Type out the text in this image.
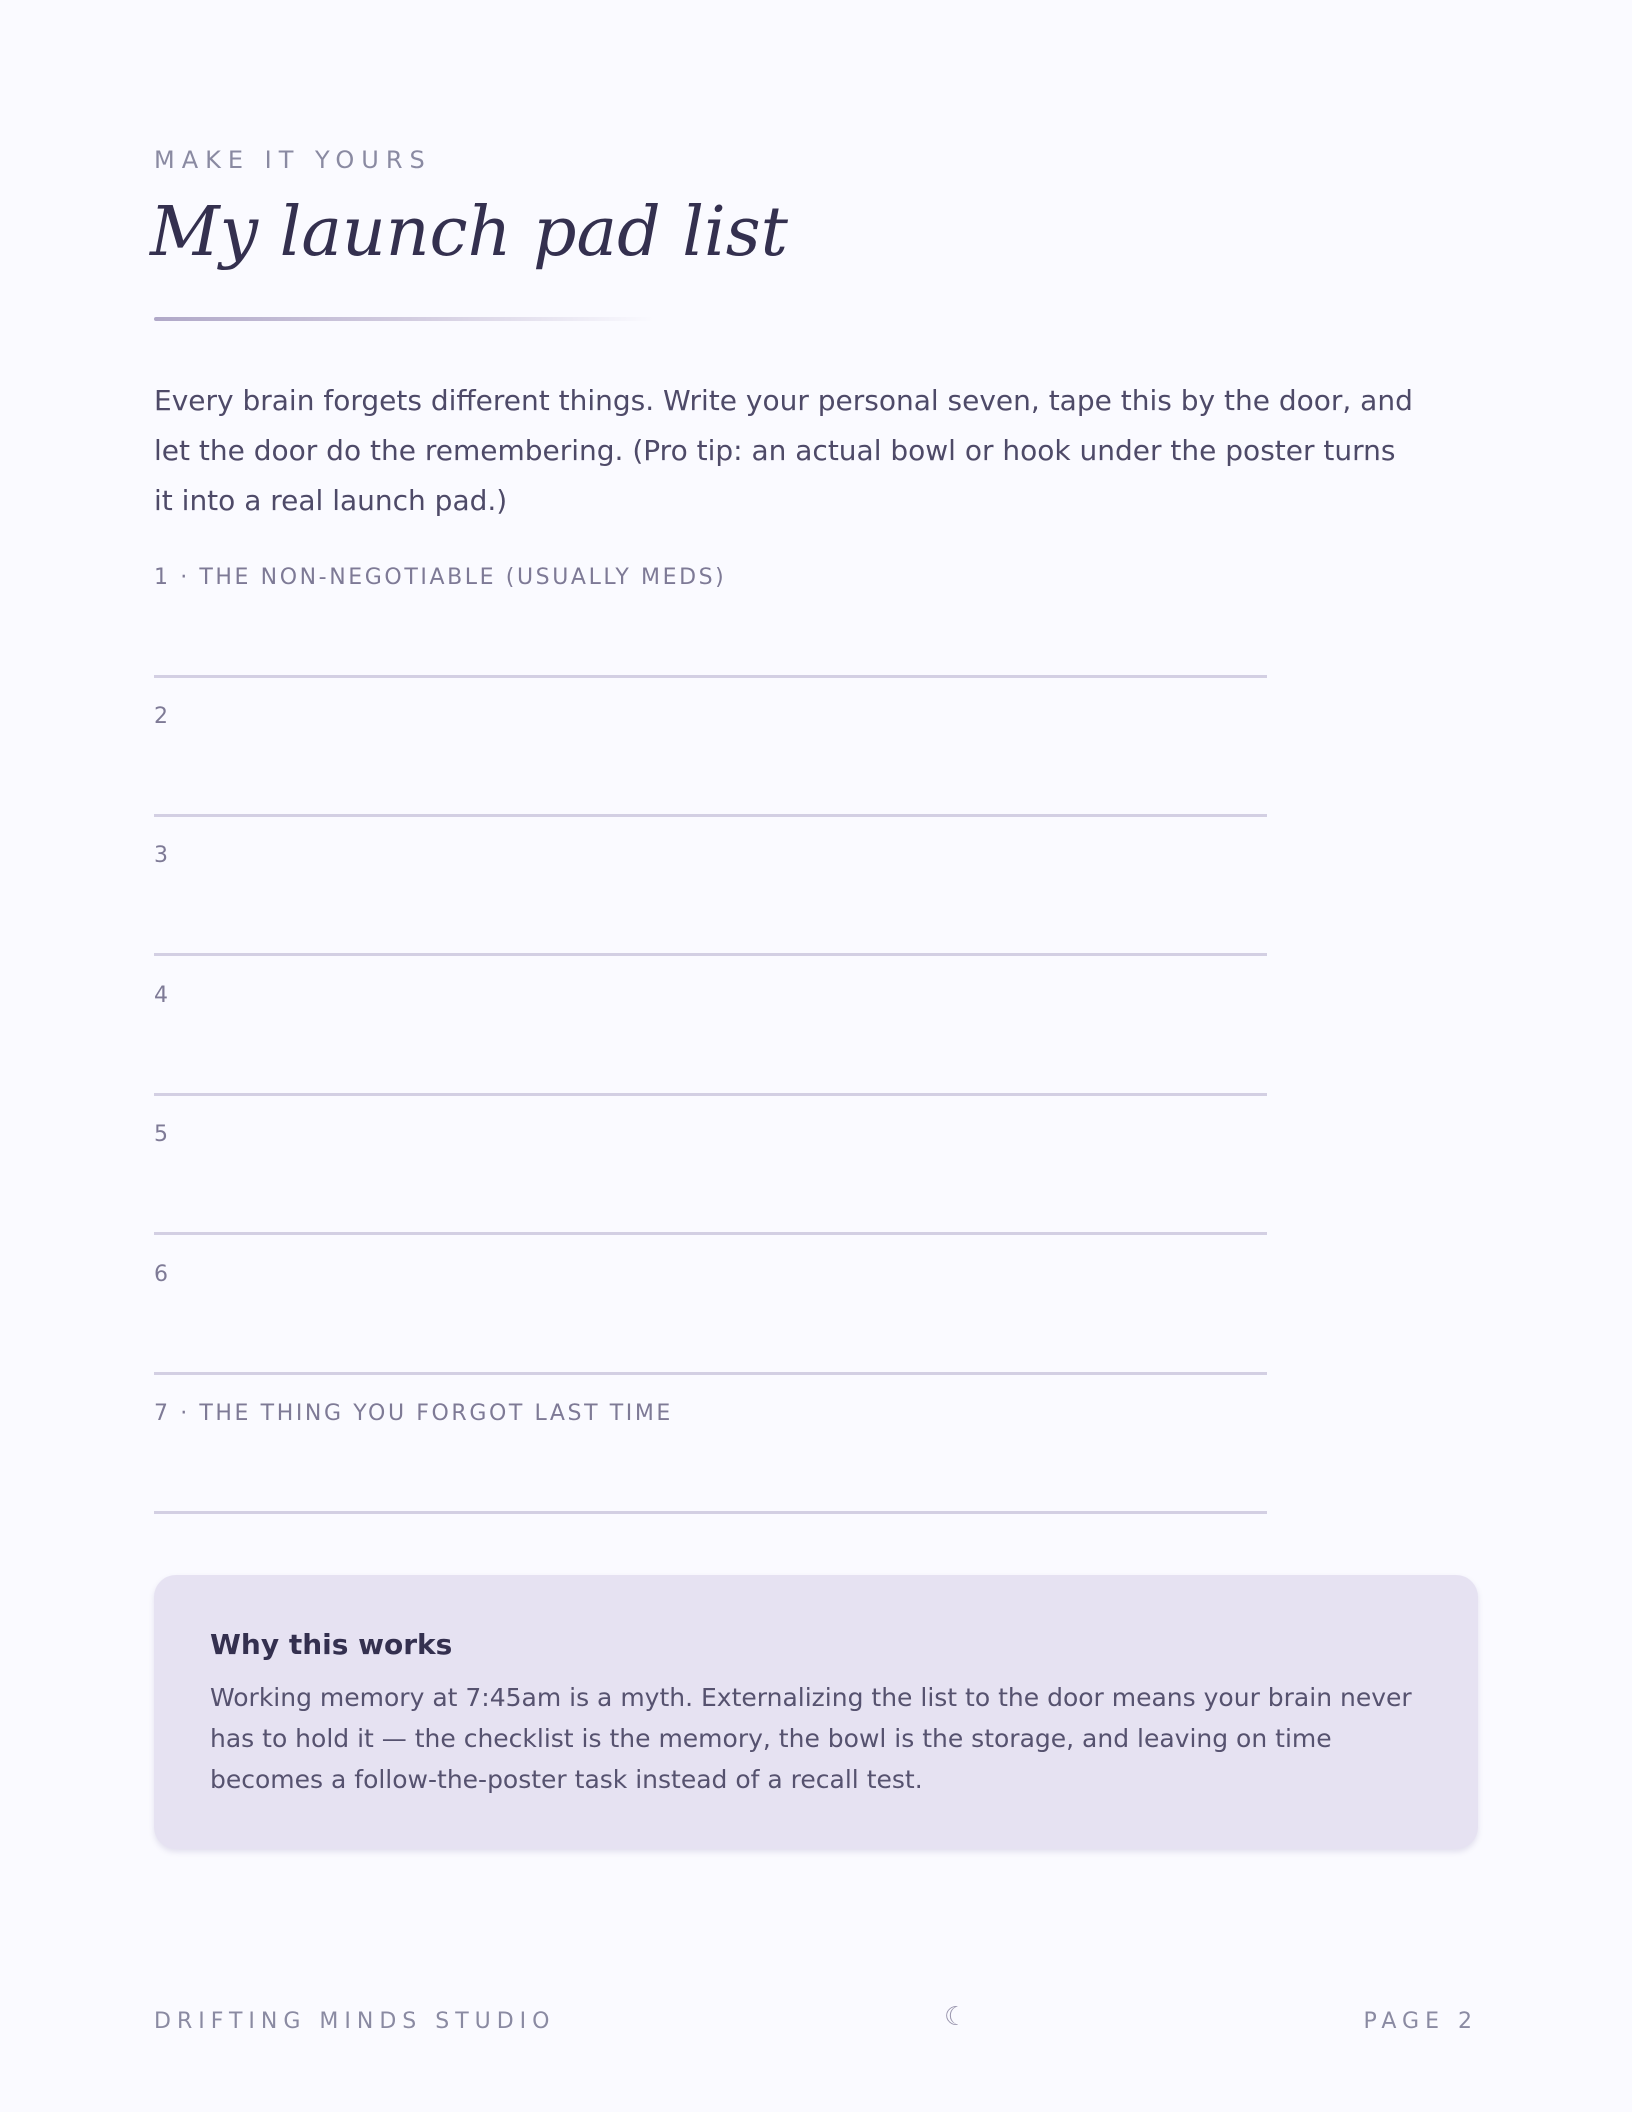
MAKE IT YOURS
My launch pad list

Every brain forgets different things. Write your personal seven, tape this by the door, and let the door do the remembering. (Pro tip: an actual bowl or hook under the poster turns it into a real launch pad.)

1 · THE NON-NEGOTIABLE (USUALLY MEDS)
2
3
4
5
6
7 · THE THING YOU FORGOT LAST TIME
Why this works

Working memory at 7:45am is a myth. Externalizing the list to the door means your brain never has to hold it — the checklist is the memory, the bowl is the storage, and leaving on time becomes a follow-the-poster task instead of a recall test.

DRIFTING MINDS STUDIO	☾	PAGE 2
